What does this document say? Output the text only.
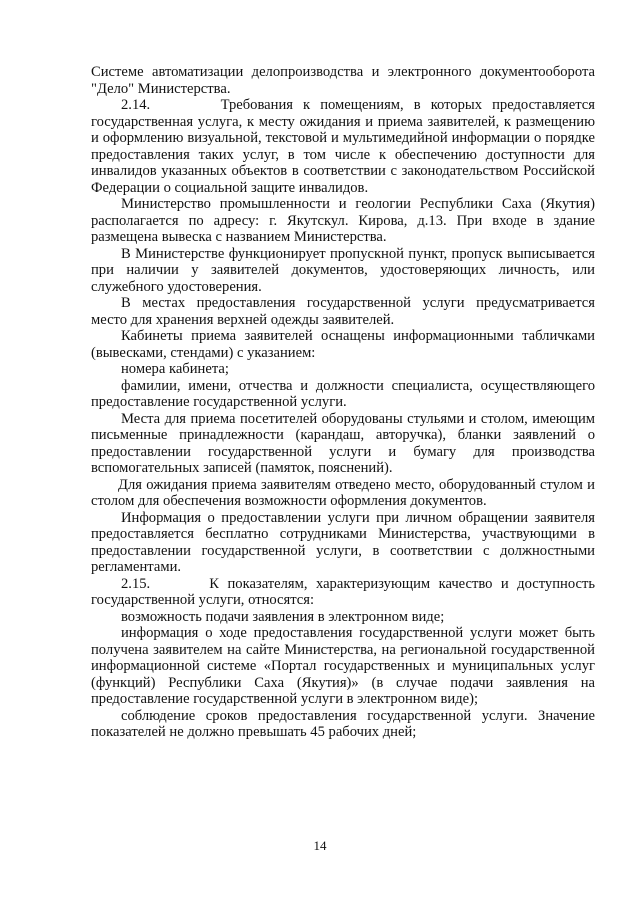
Системе автоматизации делопроизводства и электронного документооборота "Дело" Министерства.

2.14.       Требования к помещениям, в которых предоставляется государственная услуга, к месту ожидания и приема заявителей, к размещению и оформлению визуальной, текстовой и мультимедийной информации о порядке предоставления таких услуг, в том числе к обеспечению доступности для инвалидов указанных объектов в соответствии с законодательством Российской Федерации о социальной защите инвалидов.

Министерство промышленности и геологии Республики Саха (Якутия) располагается по адресу: г. Якутскул. Кирова, д.13. При входе в здание размещена вывеска с названием Министерства.

В Министерстве функционирует пропускной пункт, пропуск выписывается при наличии у заявителей документов, удостоверяющих личность, или служебного удостоверения.

В местах предоставления государственной услуги предусматривается место для хранения верхней одежды заявителей.

Кабинеты приема заявителей оснащены информационными табличками (вывесками, стендами) с указанием:

номера кабинета;

фамилии, имени, отчества и должности специалиста, осуществляющего предоставление государственной услуги.

Места для приема посетителей оборудованы стульями и столом, имеющим письменные принадлежности (карандаш, авторучка), бланки заявлений о предоставлении государственной услуги и бумагу для производства вспомогательных записей (памяток, пояснений).

Для ожидания приема заявителям отведено место, оборудованный стулом и столом для обеспечения возможности оформления документов.

Информация о предоставлении услуги при личном обращении заявителя предоставляется бесплатно сотрудниками Министерства, участвующими в предоставлении государственной услуги, в соответствии с должностными регламентами.

2.15.       К показателям, характеризующим качество и доступность государственной услуги, относятся:

возможность подачи заявления в электронном виде;

информация о ходе предоставления государственной услуги может быть получена заявителем на сайте Министерства, на региональной государственной информационной системе «Портал государственных и муниципальных услуг (функций) Республики Саха (Якутия)» (в случае подачи заявления на предоставление государственной услуги в электронном виде);

соблюдение сроков предоставления государственной услуги. Значение показателей не должно превышать 45 рабочих дней;

14
